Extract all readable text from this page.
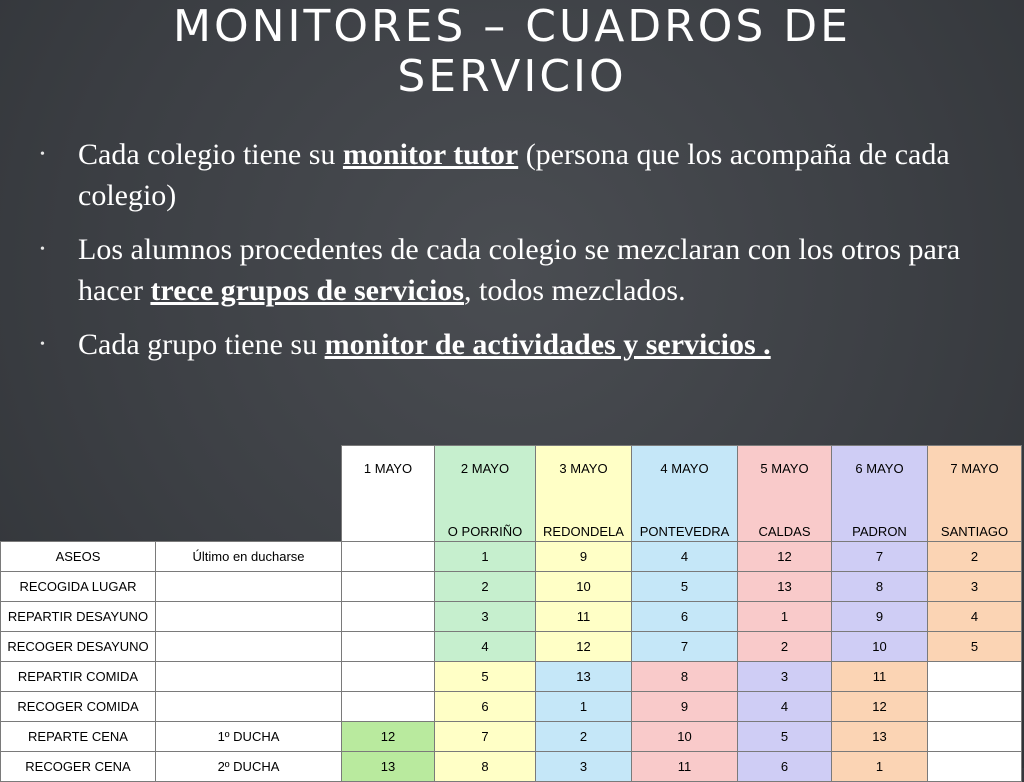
MONITORES – CUADROS DE
SERVICIO
• Cada colegio tiene su monitor tutor (persona que los acompaña de cada colegio)
• Los alumnos procedentes de cada colegio se mezclaran con los otros para hacer trece grupos de servicios, todos mezclados.
• Cada grupo tiene su monitor de actividades y servicios .
		1 MAYO	2 MAYO	3 MAYO	4 MAYO	5 MAYO	6 MAYO	7 MAYO
			O PORRIÑO	REDONDELA	PONTEVEDRA	CALDAS	PADRON	SANTIAGO
ASEOS	Último en ducharse		1	9	4	12	7	2
RECOGIDA LUGAR			2	10	5	13	8	3
REPARTIR DESAYUNO			3	11	6	1	9	4
RECOGER DESAYUNO			4	12	7	2	10	5
REPARTIR COMIDA			5	13	8	3	11	
RECOGER COMIDA			6	1	9	4	12	
REPARTE CENA	1º DUCHA	12	7	2	10	5	13	
RECOGER CENA	2º DUCHA	13	8	3	11	6	1	
